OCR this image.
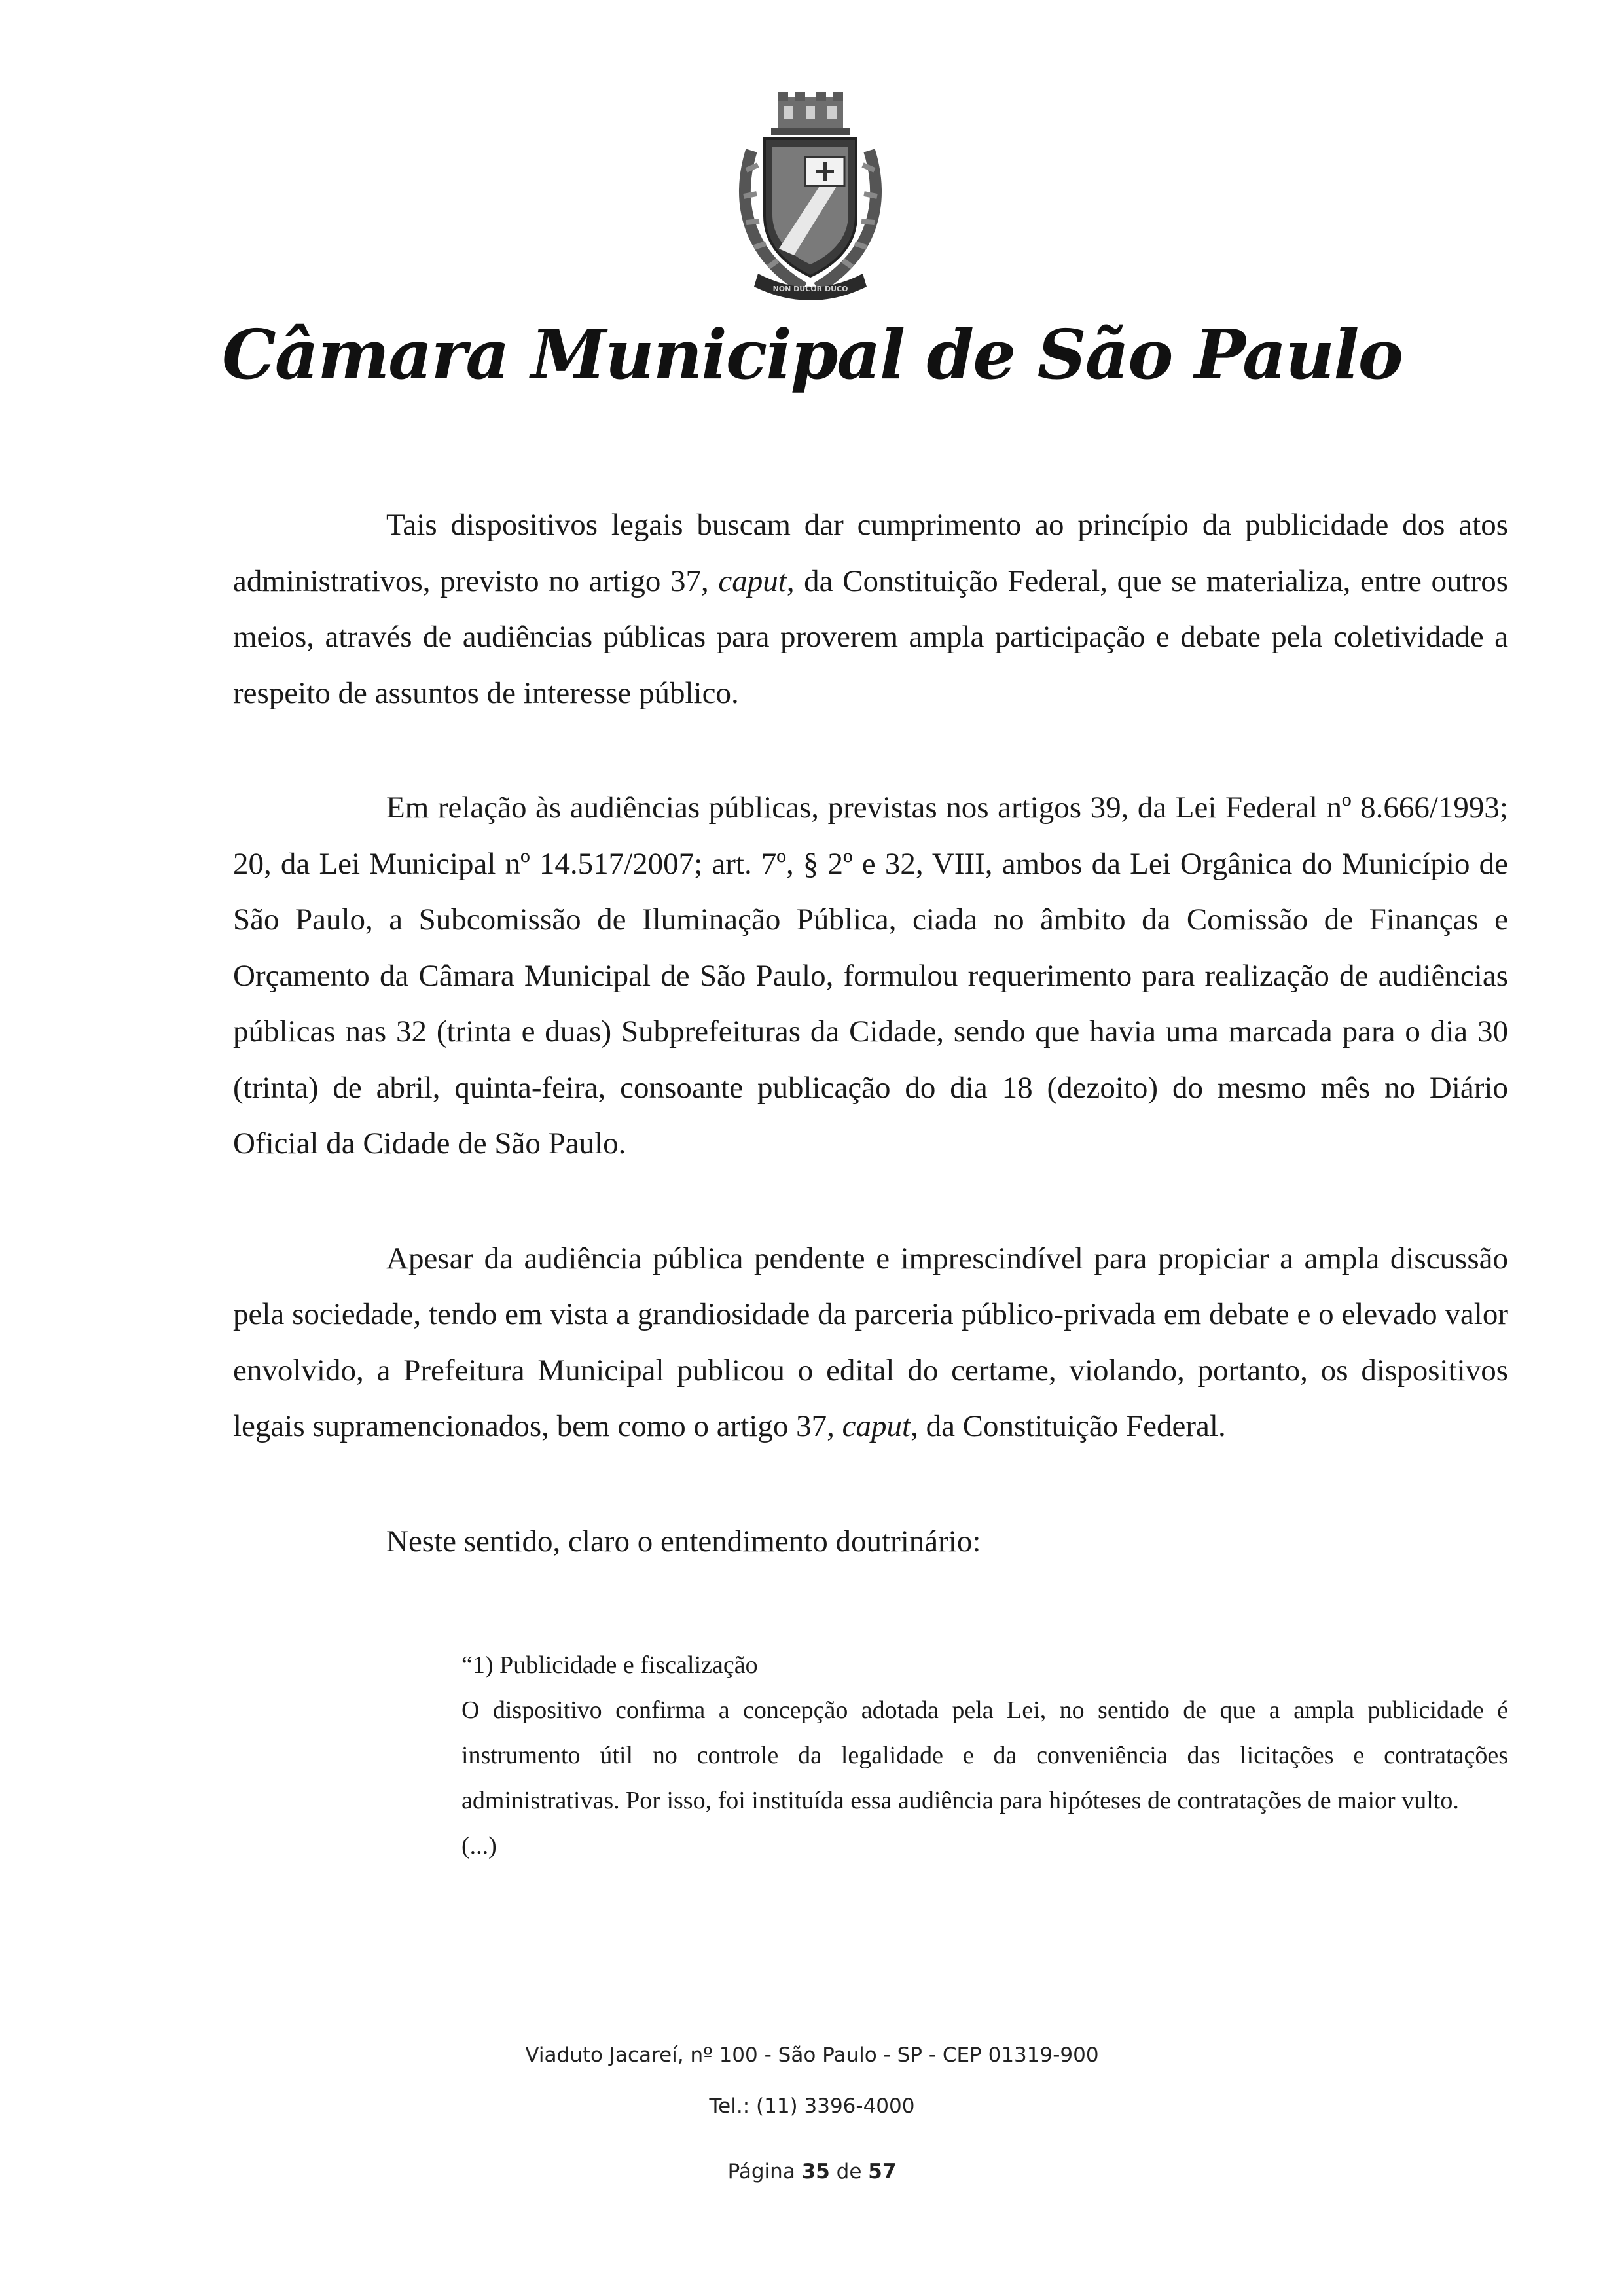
NON DUCOR DUCO
Câmara Municipal de São Paulo

Tais dispositivos legais buscam dar cumprimento ao princípio da publicidade dos atos administrativos, previsto no artigo 37, caput, da Constituição Federal, que se materializa, entre outros meios, através de audiências públicas para proverem ampla participação e debate pela coletividade a respeito de assuntos de interesse público.

Em relação às audiências públicas, previstas nos artigos 39, da Lei Federal nº 8.666/1993; 20, da Lei Municipal nº 14.517/2007; art. 7º, § 2º e 32, VIII, ambos da Lei Orgânica do Município de São Paulo, a Subcomissão de Iluminação Pública, ciada no âmbito da Comissão de Finanças e Orçamento da Câmara Municipal de São Paulo, formulou requerimento para realização de audiências públicas nas 32 (trinta e duas) Subprefeituras da Cidade, sendo que havia uma marcada para o dia 30 (trinta) de abril, quinta-feira, consoante publicação do dia 18 (dezoito) do mesmo mês no Diário Oficial da Cidade de São Paulo.

Apesar da audiência pública pendente e imprescindível para propiciar a ampla discussão pela sociedade, tendo em vista a grandiosidade da parceria público-privada em debate e o elevado valor envolvido, a Prefeitura Municipal publicou o edital do certame, violando, portanto, os dispositivos legais supramencionados, bem como o artigo 37, caput, da Constituição Federal.

Neste sentido, claro o entendimento doutrinário:

“1) Publicidade e fiscalização

O dispositivo confirma a concepção adotada pela Lei, no sentido de que a ampla publicidade é instrumento útil no controle da legalidade e da conveniência das licitações e contratações administrativas. Por isso, foi instituída essa audiência para hipóteses de contratações de maior vulto.

(...)

Viaduto Jacareí, nº 100 - São Paulo - SP - CEP 01319-900
Tel.: (11) 3396-4000
Página 35 de 57
